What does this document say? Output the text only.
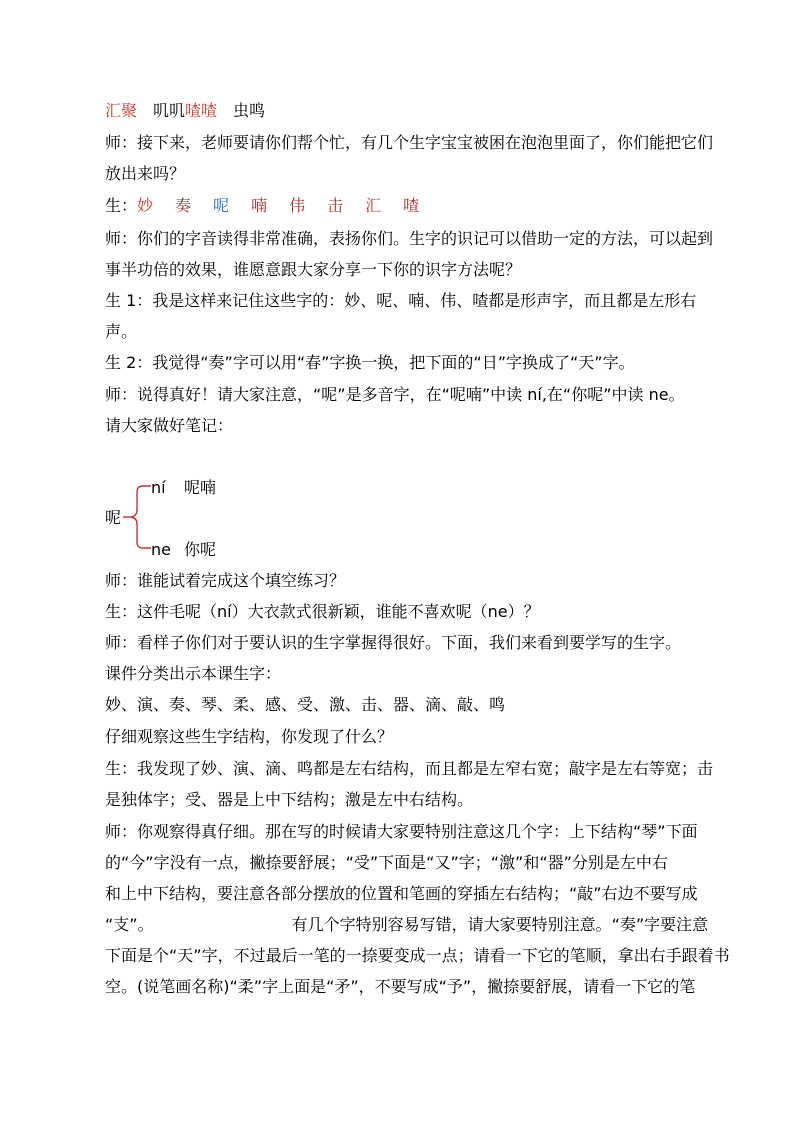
汇聚 叽叽喳喳 虫鸣
师：接下来，老师要请你们帮个忙，有几个生字宝宝被困在泡泡里面了，你们能把它们
放出来吗？
生：妙 奏 呢 喃 伟 击 汇 喳
师：你们的字音读得非常准确，表扬你们。生字的识记可以借助一定的方法，可以起到
事半功倍的效果，谁愿意跟大家分享一下你的识字方法呢？
生 1：我是这样来记住这些字的：妙、呢、喃、伟、喳都是形声字，而且都是左形右
声。
生 2：我觉得“奏”字可以用“春”字换一换，把下面的“日”字换成了“天”字。
师：说得真好！请大家注意，“呢”是多音字，在“呢喃”中读 ní,在“你呢”中读 ne。
请大家做好笔记：
呢
ní 呢喃
ne 你呢
师：谁能试着完成这个填空练习？
生：这件毛呢（ní）大衣款式很新颖，谁能不喜欢呢（ne）？
师：看样子你们对于要认识的生字掌握得很好。下面，我们来看到要学写的生字。
课件分类出示本课生字：
妙、演、奏、琴、柔、感、受、激、击、器、滴、敲、鸣
仔细观察这些生字结构，你发现了什么？
生：我发现了妙、演、滴、鸣都是左右结构，而且都是左窄右宽；敲字是左右等宽；击
是独体字；受、器是上中下结构；激是左中右结构。
师：你观察得真仔细。那在写的时候请大家要特别注意这几个字：上下结构“琴”下面
的“今”字没有一点，撇捺要舒展；“受”下面是“又”字；“激”和“器”分别是左中右
和上中下结构，要注意各部分摆放的位置和笔画的穿插左右结构；“敲”右边不要写成
“支”。	有几个字特别容易写错，请大家要特别注意。“奏”字要注意
下面是个“天”字，不过最后一笔的一捺要变成一点；请看一下它的笔顺，拿出右手跟着书
空。(说笔画名称)“柔”字上面是“矛”，不要写成“予”，撇捺要舒展，请看一下它的笔
